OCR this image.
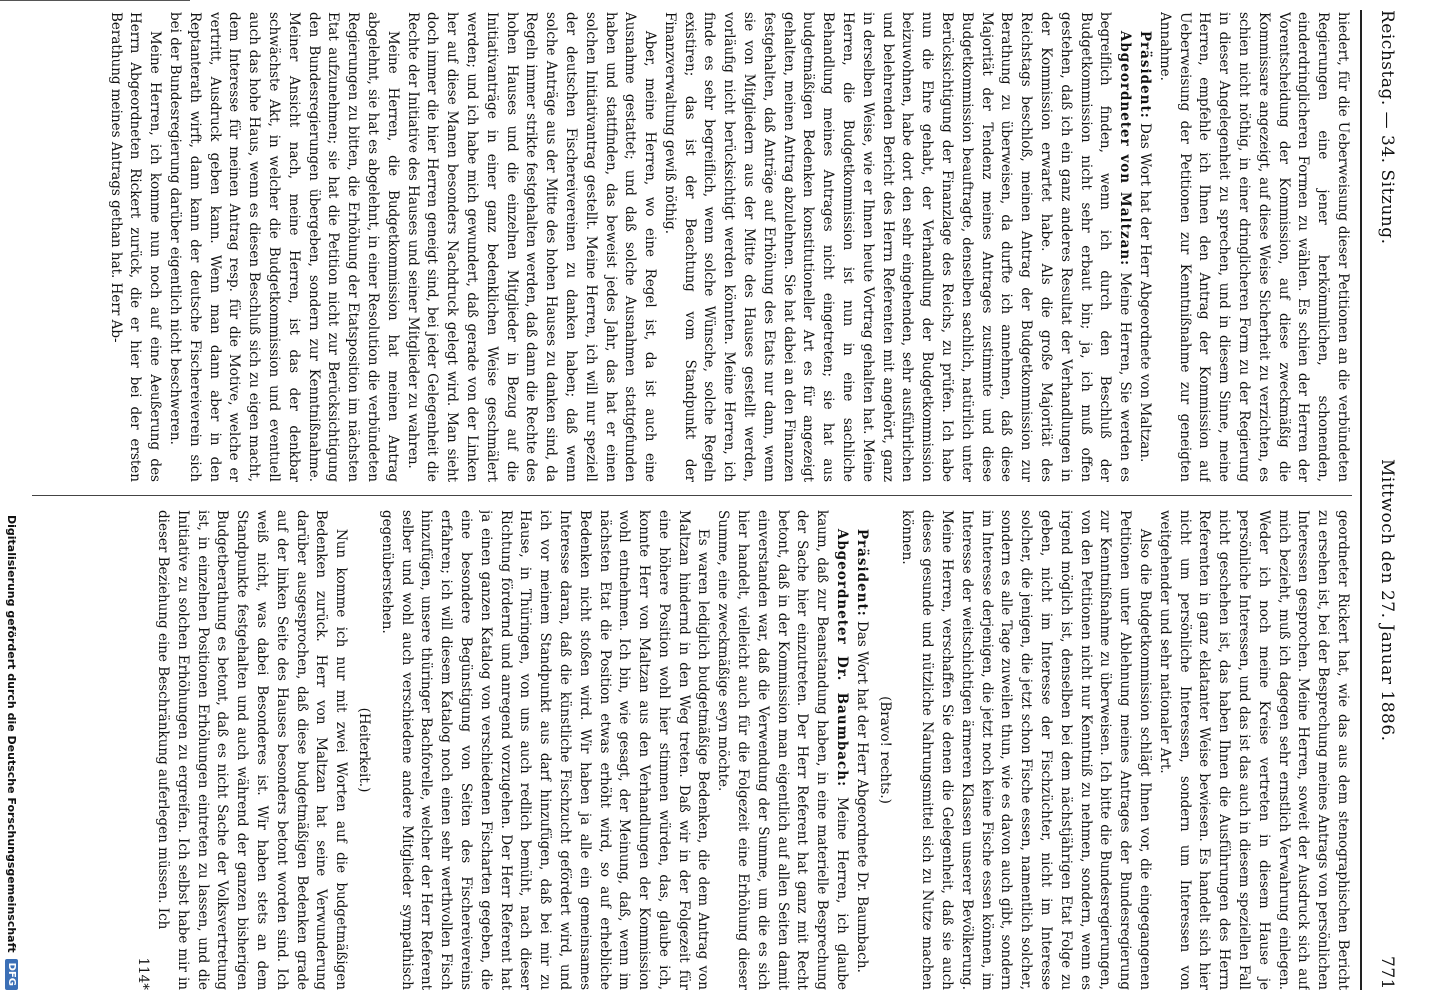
Reichstag. — 34. Sitzung.
Mittwoch den 27. Januar 1886.
771

hiedert, für die Ueberweisung dieser Petitionen an die verbündeten Regierungen eine jener herkömmlichen, schonenden, einderdringlicheren Formen zu wählen. Es schien der Herren der Vorentscheidung der Kommission, auf diese zweckmäßig die Kommissare angezeigt, auf diese Weise Sicherheit zu verzichten, es schien nicht nöthig, in einer dringlicheren Form zu der Regierung in dieser Angelegenheit zu sprechen, und in diesem Sinne, meine Herren, empfehle ich Ihnen den Antrag der Kommission auf Ueberweisung der Petitionen zur Kenntnißnahme zur geneigten Annahme.

Präsident: Das Wort hat der Herr Abgeordnete von Maltzan.

Abgeordneter von Maltzan: Meine Herren, Sie werden es begreiflich finden, wenn ich durch den Beschluß der Budgetkommission nicht sehr erbaut bin; ja, ich muß offen gestehen, daß ich ein ganz anderes Resultat der Verhandlungen in der Kommission erwartet habe. Als die große Majorität des Reichstags beschloß, meinen Antrag der Budgetkommission zur Berathung zu überweisen, da durfte ich annehmen, daß diese Majorität der Tendenz meines Antrages zustimmte und diese Budgetkommission beauftragte, denselben sachlich, natürlich unter Berücksichtigung der Finanzlage des Reichs, zu prüfen. Ich habe nun die Ehre gehabt, der Verhandlung der Budgetkommission beizuwohnen, habe dort den sehr eingehenden, sehr ausführlichen und belehrenden Bericht des Herrn Referenten mit angehört, ganz in derselben Weise, wie er Ihnen heute Vortrag gehalten hat. Meine Herren, die Budgetkommission ist nun in eine sachliche Behandlung meines Antrages nicht eingetreten; sie hat aus budgetmäßigen Bedenken konstitutioneller Art es für angezeigt gehalten, meinen Antrag abzulehnen. Sie hat dabei an den Finanzen festgehalten, daß Anträge auf Erhöhung des Etats nur dann, wenn sie von Mitgliedern aus der Mitte des Hauses gestellt werden, vorläufig nicht berücksichtigt werden könnten. Meine Herren, ich finde es sehr begreiflich, wenn solche Wünsche, solche Regeln existiren; das ist der Beachtung vom Standpunkt der Finanzverwaltung gewiß nöthig.

Aber, meine Herren, wo eine Regel ist, da ist auch eine Ausnahme gestattet; und daß solche Ausnahmen stattgefunden haben und stattfinden, das beweist jedes Jahr, das hat er einen solchen Initiativantrag gestellt. Meine Herren, ich will nur speziell der deutschen Fischereivereinen zu danken haben; daß wenn solche Anträge aus der Mitte des hohen Hauses zu danken sind, da Regeln immer strikte festgehalten werden, daß dann die Rechte des hohen Hauses und die einzelnen Mitglieder in Bezug auf die Initiativanträge in einer ganz bedenklichen Weise geschmälert werden; und ich habe mich gewundert, daß gerade von der Linken her auf diese Manen besonders Nachdruck gelegt wird. Man sieht doch immer die hier Herren geneigt sind, bei jeder Gelegenheit die Rechte der Initiative des Hauses und seiner Mitglieder zu wahren.

Meine Herren, die Budgetkommission hat meinen Antrag abgelehnt, sie hat es abgelehnt, in einer Resolution die verbündeten Regierungen zu bitten, die Erhöhung der Etatsposition im nächsten Etat aufzunehmen; sie hat die Petition nicht zur Berücksichtigung den Bundesregierungen übergeben, sondern zur Kenntnißnahme. Meiner Ansicht nach, meine Herren, ist das der denkbar schwächste Akt, in welcher die Budgetkommission und eventuell auch das hohe Haus, wenn es diesen Beschluß sich zu eigen macht, dem Interesse für meinen Antrag resp. für die Motive, welche er vertritt, Ausdruck geben kann. Wenn man dann aber in den Reptanterath wirft, dann kann der deutsche Fischereiverein sich bei der Bundesregierung darüber eigentlich nicht beschweren.

Meine Herren, ich komme nun noch auf eine Aeußerung des Herrn Abgeordneten Rickert zurück, die er hier bei der ersten Berathung meines Antrags gethan hat. Herr Ab-

geordneter Rickert hat, wie das aus dem stenographischen Bericht zu ersehen ist, bei der Besprechung meines Antrags von persönlichen Interessen gesprochen. Meine Herren, soweit der Ausdruck sich auf mich bezieht, muß ich dagegen sehr ernstlich Verwahrung einlegen. Weder ich noch meine Kreise vertreten in diesem Hause je persönliche Interessen, und das ist das auch in diesem speziellen Fall nicht geschehen ist, das haben Ihnen die Ausführungen des Herrn Referenten in ganz eklatanter Weise bewiesen. Es handelt sich hier nicht um persönliche Interessen, sondern um Interessen von weitgehender und sehr nationaler Art.

Also die Budgetkommission schlägt Ihnen vor, die eingegangenen Petitionen unter Ablehnung meines Antrages der Bundesregierung zur Kenntnißnahme zu überweisen. Ich bitte die Bundesregierungen, von den Petitionen nicht nur Kenntniß zu nehmen, sondern, wenn es irgend möglich ist, denselben bei dem nächstjährigen Etat Folge zu geben, nicht im Interesse der Fischzüchter, nicht im Interesse solcher, die jenigen, die jetzt schon Fische essen, namentlich solcher, sondern es alle Tage zuweilen thun, wie es davon auch gibt, sondern im Interesse derjenigen, die jetzt noch keine Fische essen können, im Interesse der weitschichtigen ärmeren Klassen unserer Bevölkerung. Meine Herren, verschaffen Sie denen die Gelegenheit, daß sie auch dieses gesunde und nützliche Nahrungsmittel sich zu Nutze machen können.

(Bravo! rechts.)

Präsident: Das Wort hat der Herr Abgeordnete Dr. Baumbach.

Abgeordneter Dr. Baumbach: Meine Herren, ich glaube kaum, daß zur Beanstandung haben, in eine materielle Besprechung der Sache hier einzutreten. Der Herr Referent hat ganz mit Recht betont, daß in der Kommission man eigentlich auf allen Seiten damit einverstanden war, daß die Verwendung der Summe, um die es sich hier handelt, vielleicht auch für die Folgezeit eine Erhöhung dieser Summe, eine zweckmäßige seyn möchte.

Es waren lediglich budgetmäßige Bedenken, die dem Antrag von Maltzan hindernd in den Weg treten. Daß wir in der Folgezeit für eine höhere Position wohl hier stimmen würden, das, glaube ich, konnte Herr von Maltzan aus den Verhandlungen der Kommission wohl entnehmen. Ich bin, wie gesagt, der Meinung, daß, wenn im nächsten Etat die Position etwas erhöht wird, so auf erhebliche Bedenken nicht stoßen wird. Wir haben ja alle ein gemeinsames Interesse daran, daß die künstliche Fischzucht gefördert wird, und ich vor meinem Standpunkt aus darf hinzufügen, daß bei mir zu Hause, in Thüringen, von uns auch redlich bemüht, nach dieser Richtung fördernd und anregend vorzugehen. Der Herr Referent hat ja einen ganzen Katalog von verschiedenen Fischarten gegeben, die eine besondere Begünstigung von Seiten des Fischereivereins erfahren; ich will diesem Katalog noch einen sehr werthvollen Fisch hinzufügen, unsere thüringer Bachforelle, welcher der Herr Referent selber und wohl auch verschiedene andere Mitglieder sympathisch gegenüberstehen.

(Heiterkeit.)

Nun komme ich nur mit zwei Worten auf die budgetmäßigen Bedenken zurück. Herr von Maltzan hat seine Verwunderung darüber ausgesprochen, daß diese budgetmäßigen Bedenken grade auf der linken Seite des Hauses besonders betont worden sind. Ich weiß nicht, was dabei Besonderes ist. Wir haben stets an dem Standpunkte festgehalten und auch während der ganzen bisherigen Budgetberathung es betont, daß es nicht Sache der Volksvertretung ist, in einzelnen Positionen Erhöhungen eintreten zu lassen, und die Initiative zu solchen Erhöhungen zu ergreifen. Ich selbst habe mir in dieser Beziehung eine Beschränkung auferlegen müssen. Ich

114*

Digitalisierung gefördert durch die Deutsche Forschungsgemeinschaft
DFG
